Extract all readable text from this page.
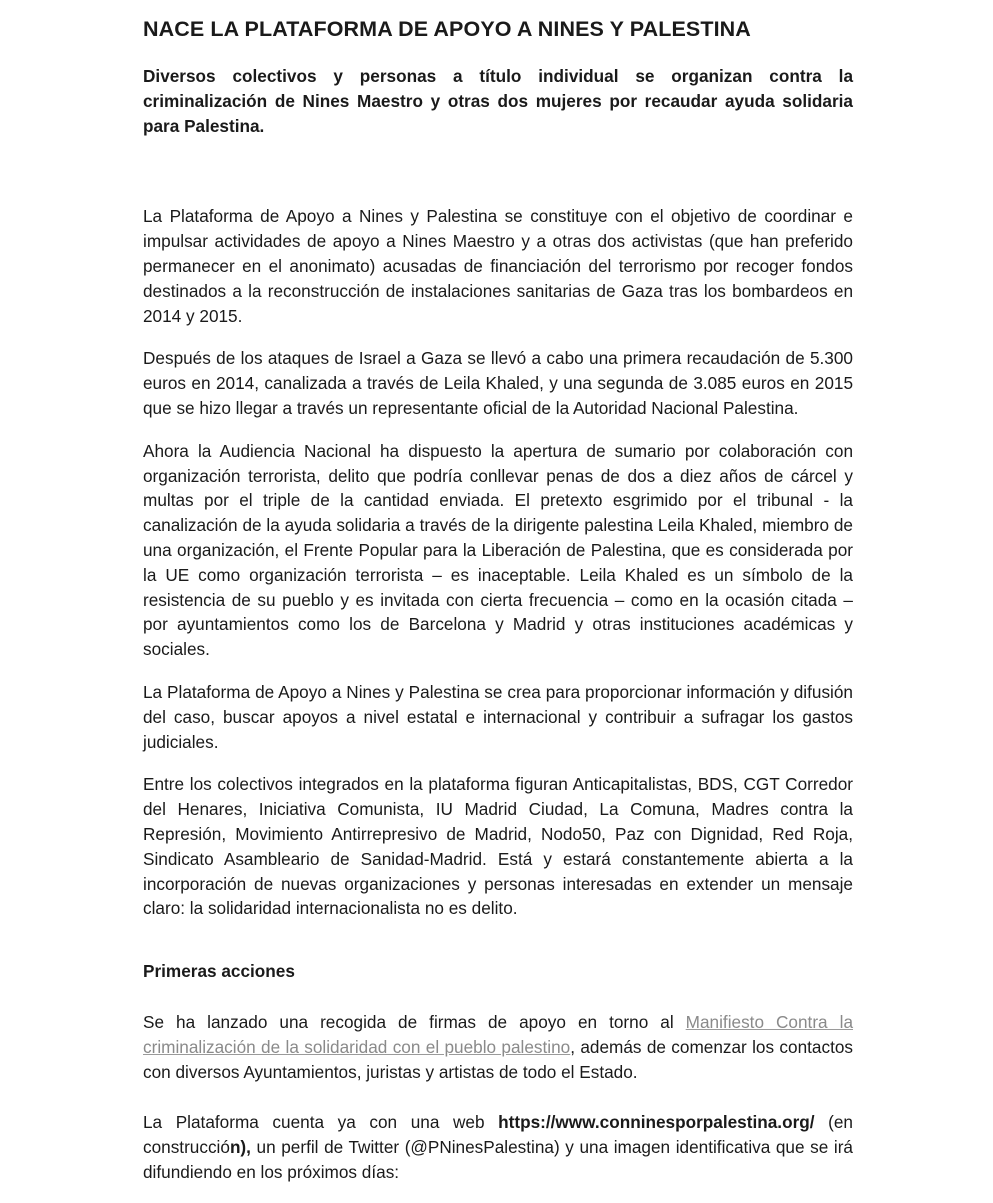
NACE LA PLATAFORMA DE APOYO A NINES Y PALESTINA

Diversos colectivos y personas a título individual se organizan contra la criminalización de Nines Maestro y otras dos mujeres por recaudar ayuda solidaria para Palestina.

La Plataforma de Apoyo a Nines y Palestina se constituye con el objetivo de coordinar e impulsar actividades de apoyo a Nines Maestro y a otras dos activistas (que han preferido permanecer en el anonimato) acusadas de financiación del terrorismo por recoger fondos destinados a la reconstrucción de instalaciones sanitarias de Gaza tras los bombardeos en 2014 y 2015.

Después de los ataques de Israel a Gaza se llevó a cabo una primera recaudación de 5.300 euros en 2014, canalizada a través de Leila Khaled, y una segunda de 3.085 euros en 2015 que se hizo llegar a través un representante oficial de la Autoridad Nacional Palestina.

Ahora la Audiencia Nacional ha dispuesto la apertura de sumario por colaboración con organización terrorista, delito que podría conllevar penas de dos a diez años de cárcel y multas por el triple de la cantidad enviada. El pretexto esgrimido por el tribunal - la canalización de la ayuda solidaria a través de la dirigente palestina Leila Khaled, miembro de una organización, el Frente Popular para la Liberación de Palestina, que es considerada por la UE como organización terrorista – es inaceptable. Leila Khaled es un símbolo de la resistencia de su pueblo y es invitada con cierta frecuencia – como en la ocasión citada – por ayuntamientos como los de Barcelona y Madrid y otras instituciones académicas y sociales.

La Plataforma de Apoyo a Nines y Palestina se crea para proporcionar información y difusión del caso, buscar apoyos a nivel estatal e internacional y contribuir a sufragar los gastos judiciales.

Entre los colectivos integrados en la plataforma figuran Anticapitalistas, BDS, CGT Corredor del Henares, Iniciativa Comunista, IU Madrid Ciudad, La Comuna, Madres contra la Represión, Movimiento Antirrepresivo de Madrid, Nodo50, Paz con Dignidad, Red Roja, Sindicato Asambleario de Sanidad-Madrid. Está y estará constantemente abierta a la incorporación de nuevas organizaciones y personas interesadas en extender un mensaje claro: la solidaridad internacionalista no es delito.

Primeras acciones

Se ha lanzado una recogida de firmas de apoyo en torno al Manifiesto Contra la criminalización de la solidaridad con el pueblo palestino, además de comenzar los contactos con diversos Ayuntamientos, juristas y artistas de todo el Estado.

La Plataforma cuenta ya con una web https://www.conninesporpalestina.org/ (en construcción), un perfil de Twitter (@PNinesPalestina) y una imagen identificativa que se irá difundiendo en los próximos días:
